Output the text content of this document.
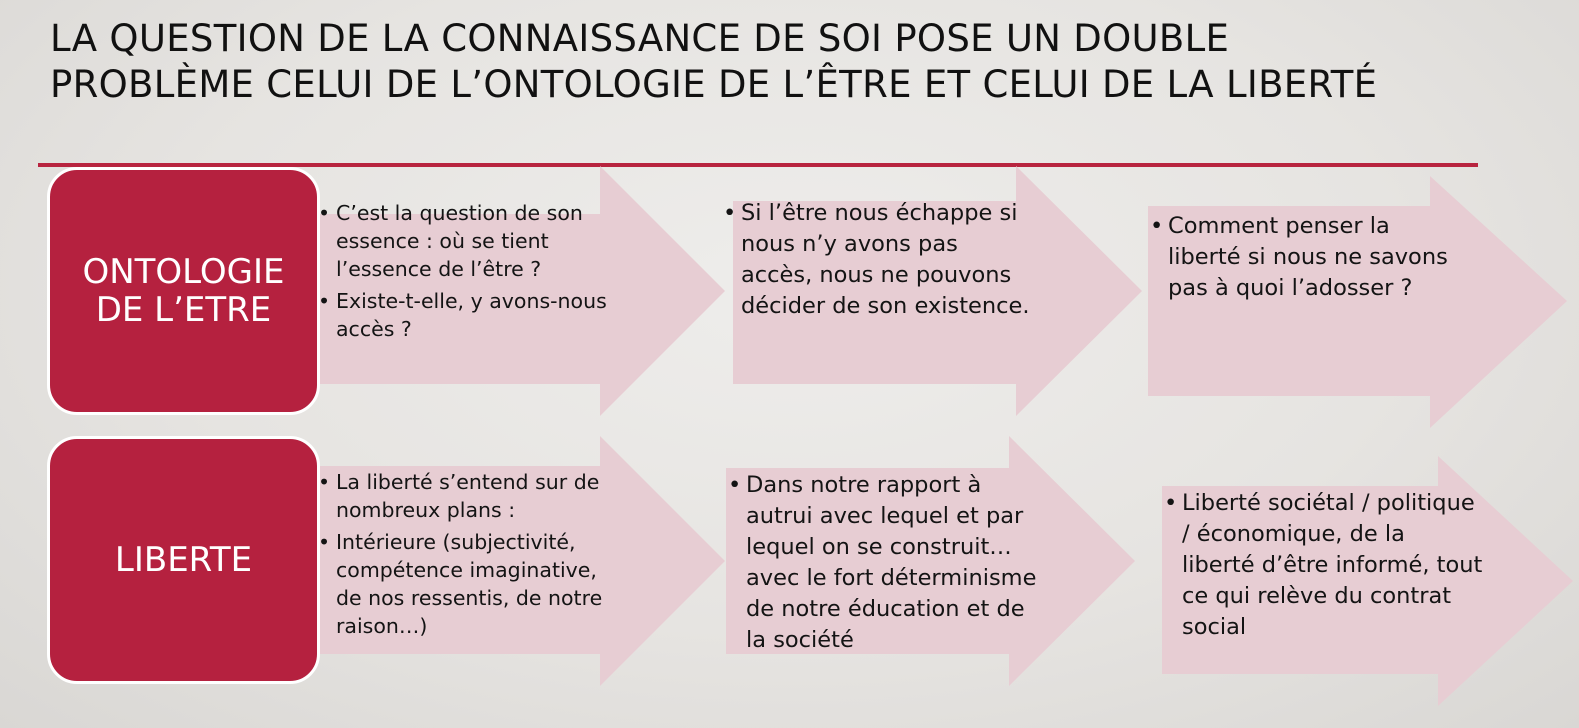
LA QUESTION DE LA CONNAISSANCE DE SOI POSE UN DOUBLE
PROBLÈME CELUI DE L’ONTOLOGIE DE L’ÊTRE ET CELUI DE LA LIBERTÉ
ONTOLOGIE DE L’ETRE
LIBERTE
• C’est la question de son essence : où se tient l’essence de l’être ?
• Existe-t-elle, y avons-nous accès ?
• Si l’être nous échappe si nous n’y avons pas accès, nous ne pouvons décider de son existence.
• Comment penser la liberté si nous ne savons pas à quoi l’adosser ?
• La liberté s’entend sur de nombreux plans :
• Intérieure (subjectivité, compétence imaginative, de nos ressentis, de notre raison…)
• Dans notre rapport à autrui avec lequel et par lequel on se construit… avec le fort déterminisme de notre éducation et de la société
• Liberté sociétal / politique / économique, de la liberté d’être informé, tout ce qui relève du contrat social
